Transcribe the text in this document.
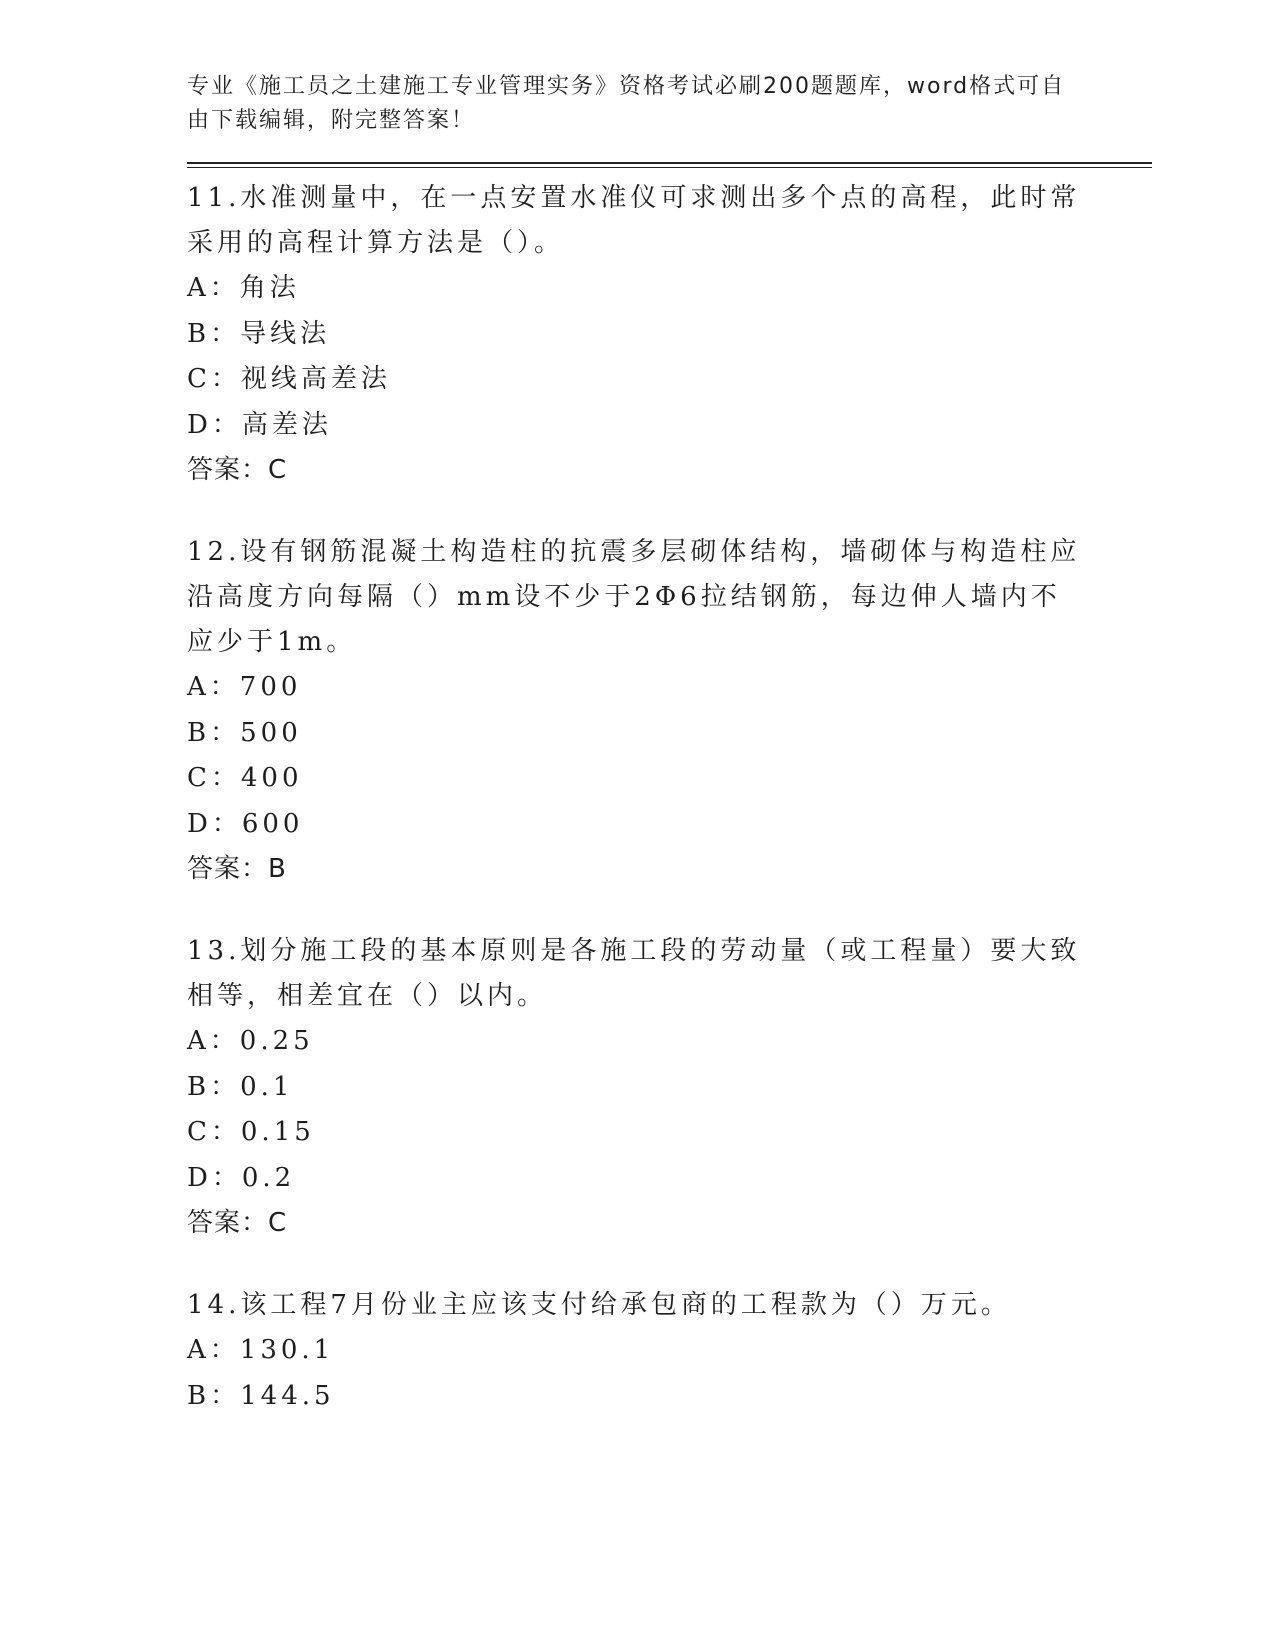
专业《施工员之土建施工专业管理实务》资格考试必刷200题题库，word格式可自由下载编辑，附完整答案！
11.水准测量中，在一点安置水准仪可求测出多个点的高程，此时常采用的高程计算方法是（）。
A：角法
B：导线法
C：视线高差法
D：高差法
答案：C
12.设有钢筋混凝土构造柱的抗震多层砌体结构，墙砌体与构造柱应沿高度方向每隔（）mm设不少于2Φ6拉结钢筋，每边伸人墙内不应少于1m。
A：700
B：500
C：400
D：600
答案：B
13.划分施工段的基本原则是各施工段的劳动量（或工程量）要大致相等，相差宜在（）以内。
A：0.25
B：0.1
C：0.15
D：0.2
答案：C
14.该工程7月份业主应该支付给承包商的工程款为（）万元。
A：130.1
B：144.5
